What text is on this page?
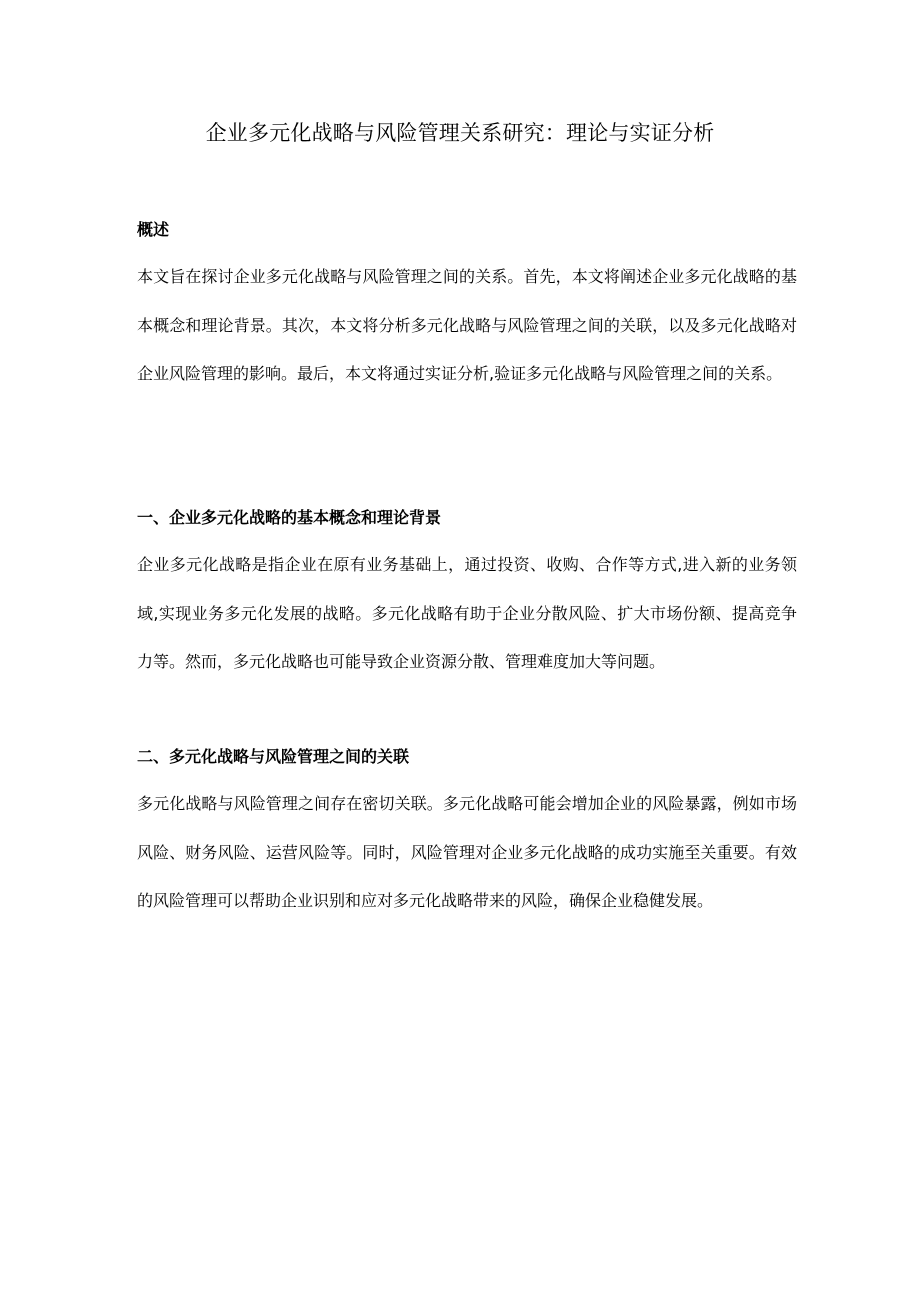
企业多元化战略与风险管理关系研究：理论与实证分析
概述

本文旨在探讨企业多元化战略与风险管理之间的关系。首先，本文将阐述企业多元化战略的基本概念和理论背景。其次，本文将分析多元化战略与风险管理之间的关联，以及多元化战略对企业风险管理的影响。最后，本文将通过实证分析,验证多元化战略与风险管理之间的关系。

一、企业多元化战略的基本概念和理论背景

企业多元化战略是指企业在原有业务基础上，通过投资、收购、合作等方式,进入新的业务领域,实现业务多元化发展的战略。多元化战略有助于企业分散风险、扩大市场份额、提高竞争力等。然而，多元化战略也可能导致企业资源分散、管理难度加大等问题。

二、多元化战略与风险管理之间的关联

多元化战略与风险管理之间存在密切关联。多元化战略可能会增加企业的风险暴露，例如市场风险、财务风险、运营风险等。同时，风险管理对企业多元化战略的成功实施至关重要。有效的风险管理可以帮助企业识别和应对多元化战略带来的风险，确保企业稳健发展。
